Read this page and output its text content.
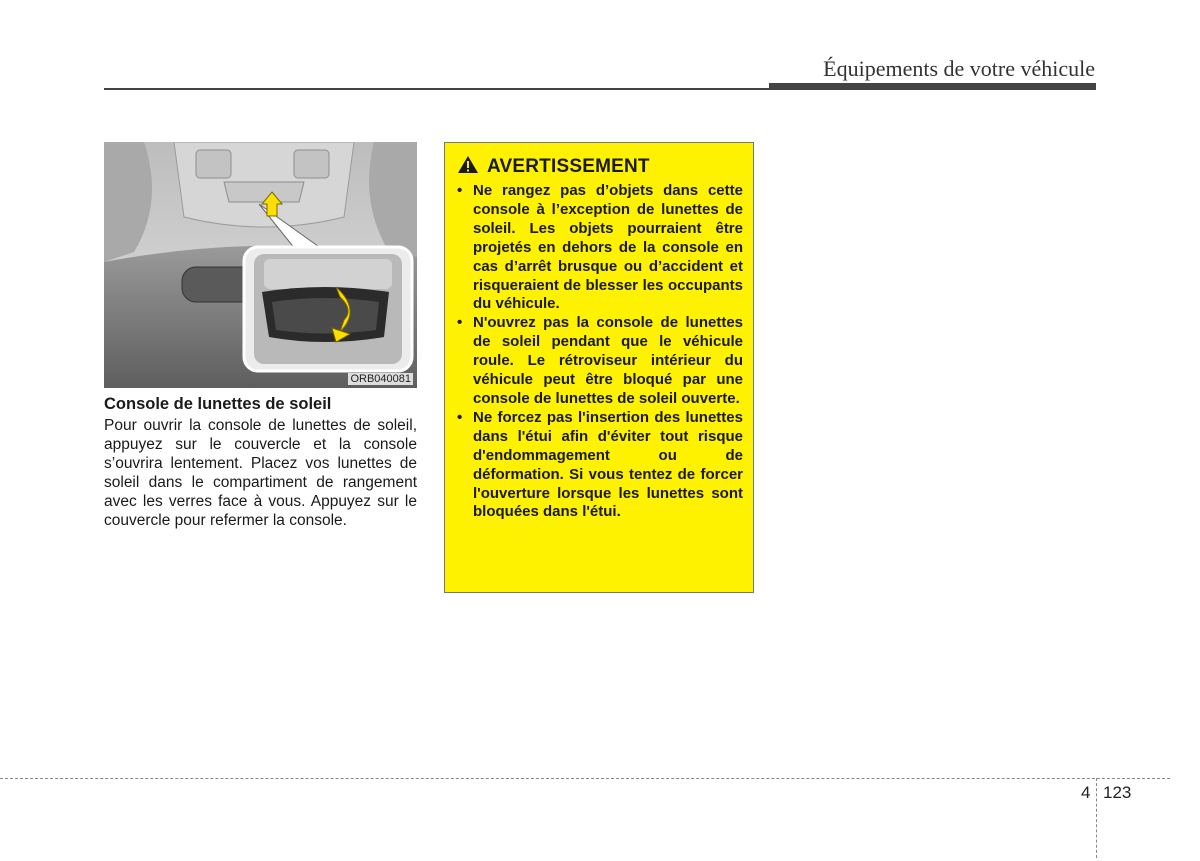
Équipements de votre véhicule
ORB040081
Console de lunettes de soleil

Pour ouvrir la console de lunettes de soleil, appuyez sur le couvercle et la console s’ouvrira lentement. Placez vos lunettes de soleil dans le compartiment de rangement avec les verres face à vous. Appuyez sur le couvercle pour refermer la console.

AVERTISSEMENT
• Ne rangez pas d’objets dans cette console à l’exception de lunettes de soleil. Les objets pourraient être projetés en dehors de la console en cas d’arrêt brusque ou d’accident et risqueraient de blesser les occupants du véhicule.
• N'ouvrez pas la console de lunettes de soleil pendant que le véhicule roule. Le rétroviseur intérieur du véhicule peut être bloqué par une console de lunettes de soleil ouverte.
• Ne forcez pas l'insertion des lunettes dans l'étui afin d'éviter tout risque d'endommagement ou de déformation. Si vous tentez de forcer l'ouverture lorsque les lunettes sont bloquées dans l'étui.
4 123
